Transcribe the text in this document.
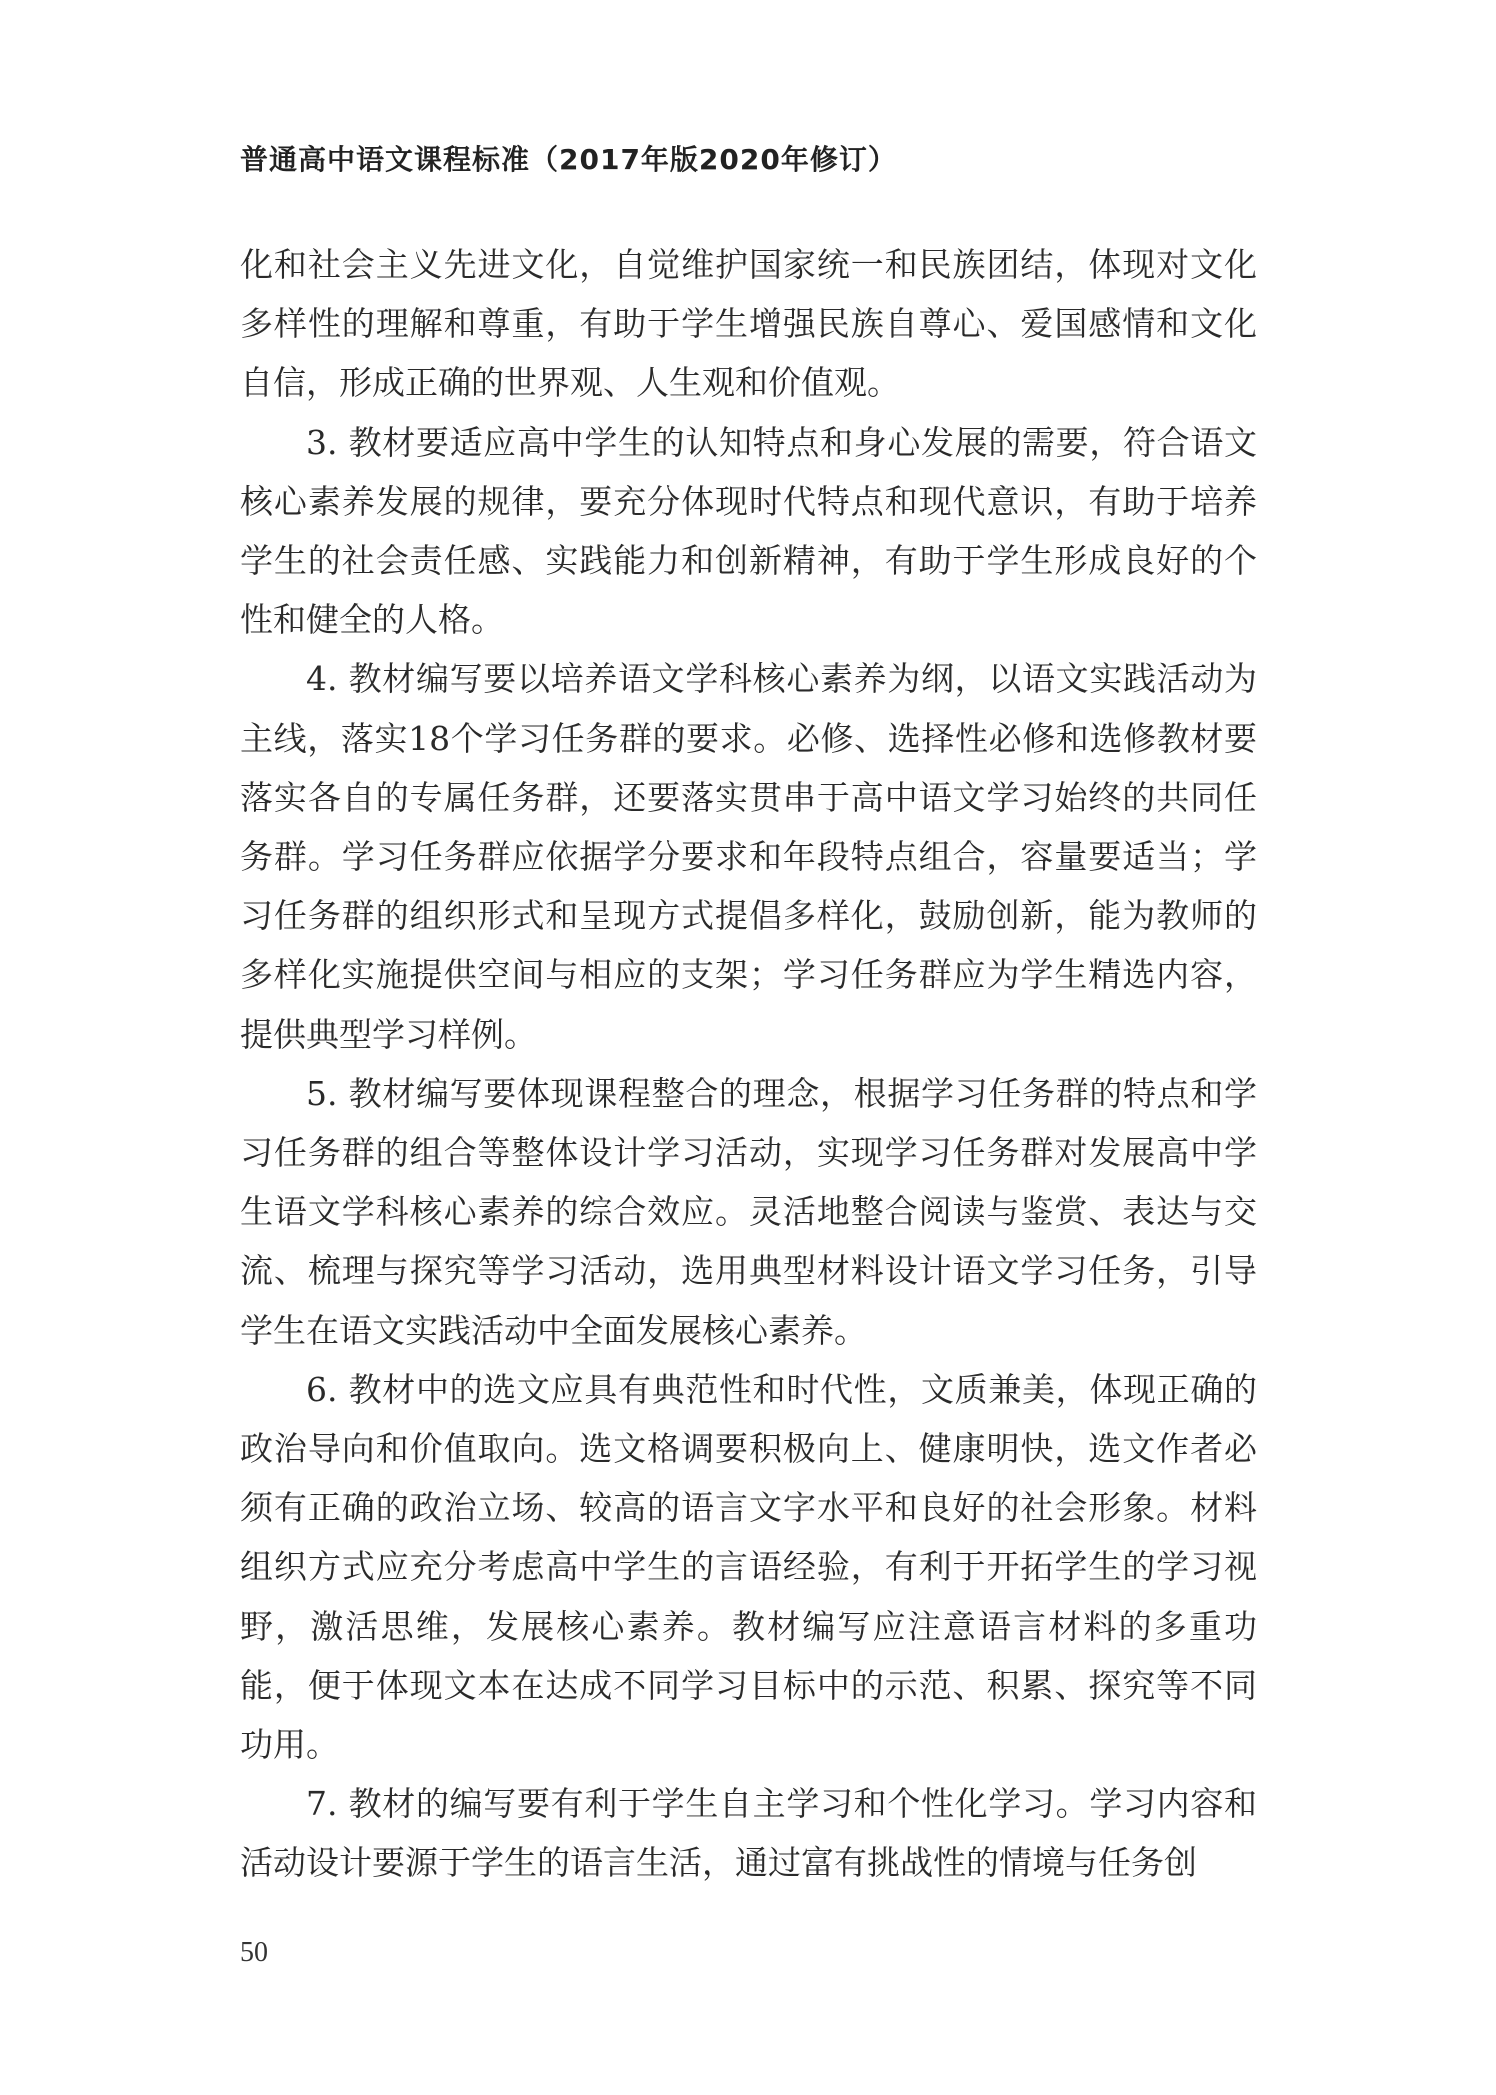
普通高中语文课程标准（2017年版2020年修订）

化和社会主义先进文化，自觉维护国家统一和民族团结，体现对文化多样性的理解和尊重，有助于学生增强民族自尊心、爱国感情和文化自信，形成正确的世界观、人生观和价值观。

3. 教材要适应高中学生的认知特点和身心发展的需要，符合语文核心素养发展的规律，要充分体现时代特点和现代意识，有助于培养学生的社会责任感、实践能力和创新精神，有助于学生形成良好的个性和健全的人格。

4. 教材编写要以培养语文学科核心素养为纲，以语文实践活动为主线，落实18个学习任务群的要求。必修、选择性必修和选修教材要落实各自的专属任务群，还要落实贯串于高中语文学习始终的共同任务群。学习任务群应依据学分要求和年段特点组合，容量要适当；学习任务群的组织形式和呈现方式提倡多样化，鼓励创新，能为教师的多样化实施提供空间与相应的支架；学习任务群应为学生精选内容，提供典型学习样例。

5. 教材编写要体现课程整合的理念，根据学习任务群的特点和学习任务群的组合等整体设计学习活动，实现学习任务群对发展高中学生语文学科核心素养的综合效应。灵活地整合阅读与鉴赏、表达与交流、梳理与探究等学习活动，选用典型材料设计语文学习任务，引导学生在语文实践活动中全面发展核心素养。

6. 教材中的选文应具有典范性和时代性，文质兼美，体现正确的政治导向和价值取向。选文格调要积极向上、健康明快，选文作者必须有正确的政治立场、较高的语言文字水平和良好的社会形象。材料组织方式应充分考虑高中学生的言语经验，有利于开拓学生的学习视野，激活思维，发展核心素养。教材编写应注意语言材料的多重功能，便于体现文本在达成不同学习目标中的示范、积累、探究等不同功用。

7. 教材的编写要有利于学生自主学习和个性化学习。学习内容和活动设计要源于学生的语言生活，通过富有挑战性的情境与任务创

50
